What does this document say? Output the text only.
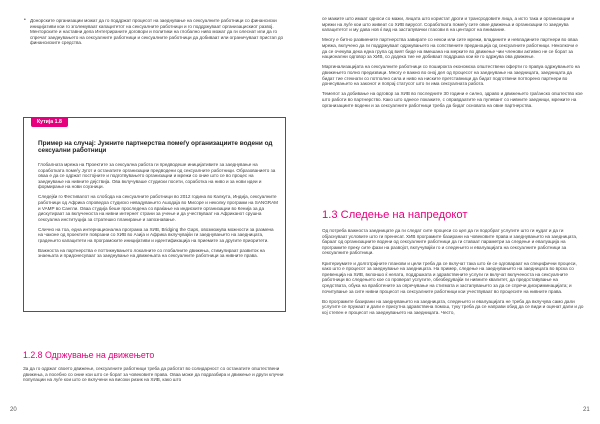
• Донорските организации можат да го поддржат процесот на заеднување на сексуалните работници со финансиски иницијативи кои го зголемуваат капацитетот на сексуалните работници и го поддржуваат организацискиот развој. Менторските и наставни дела Интегрираните договори и политики на глобално ниво можат да ги олеснат или да го спречат заеднувањето на сексуалните работници и сексуалните работници да добиваат или ограничуваат пристап до финансиските средства.
Кутија 1.8
Пример на случај: Јужните партнерства помеѓу организациите водени од сексуални работници

Глобалната мрежа на Проектите за сексуална работа ги предводеше иницијативите за заеднување на соработката помеѓу Југот и останатите организации предводени од сексуалните работници. Образованието за оваа е да се одржат постојните и подготвувањето организации и мрежи со оние што се во процес на заеднување на нивните дејствија. Ова вклучуваше студиски посети, соработка на ниво и за нови идеи и формирање на нови соузници.

Следејќи го Фестивалот на слобода на сексуалните работници во 2012 година во Калкута, Индија, сексуалните работници од Африка спроведоа студиско невадувањето Ашодаја во Мисоре и неколку програми на SANGRAM и VAMP во Сангли. Оваа студија беше проследена со враќање на индиските организации во Кенија за да дискутираат за вклученоста на нивни интернет страни за учење и да учествуваат на Африканот срушна сексуална институција за стратешко планирање и запознавање.

Слично на тоа, една интернационална програма за ХИВ, Bridging the Gaps, овозможува можности за размена на чаконе од проектите поврзани со ХИВ во Азија и Африка вклучувајќи ги заеднувањето на заедницата, градењето капацитети на програмските иницијативи и идентификација на приемите за другите приоритети.

Важноста на партнерства е поттикнувањето локалните со глобалните движења, стимулираат развиток на знаењата и придонесуваат за заеднување на движењата на сексуалните работници за нивните права.

1.2.8 Одржување на движењето

За да го одржат своето движење, сексуалните работници треба да работат во солидарност со останатите општествени движења, а посебно со оние кои што се борат за човековите права. Оваа може да подразбира и движење и други клучни популации на луѓе кои што се вклучени на високи ризик на ХИВ, како што

се мажите што имаат односи со мажи, лицата што користат дроги и трансродовите лица, а исто така и организации и мрежи на луѓе кои што живеат со ХИВ вирусот. Соработката помеѓу сите овие движења и организации го заеднува капацитетот и му дава нов ќ вид на застапувачки гласови в на центарот на внимание.

Многу е битно развиените партнерства завирате со некои или сите мрежи, владините и невладините партнери во оваа мрежа, вклучено да ги поддржуваат одржувањето на сопствените преданоција од сексуалните работници. Неколкочи е да се очекува дека една група од вият биде на вмешана на мерките во движење чии членови активно не се борат за национални одговор за ХИВ, со додека тие не добиваат поддршка кои ќе го одржува ова движење.

Маргинализацијата на сексуалните работници со поширокта економска општествени оферти го правуа одржувањето на движењето полно предизвици. Многу е важно во оној дел од процесот на заеднување на заедницата, заедницата да бидат тие стекнати со потполно сила и ниво на ниските претставници да бидат подготвени потпорено партнери во донесувањето на законот и попрај статусот што ги има сексуалната работа.

Темелот за добивање на одговор за ХИВ во последните 30 години е силно, здраво и движењето граѓанско општество кое што работи во партнерство. Како што однесе покажите, с оправдаатите на пулевант со нивните заедници, мрежите на организациите водени и за сексуалните работници треба да бидат основата на овие партнерства.

1.3 Следење на напредокот

Од потреба важноста заедницате да ги следат сите процеси со цел да ги подобрат услугите што ги нудат и да ги објаснуваат условите што ги пренесат. ХИВ програмите базирани на човековите права и заеднувањето на заедницата, бараат од организациите водени од сексуалните работници да ги ставаат параметри за следење и евалуација на програмите преку сите фази на развојот, вклучувајќи го и следењето и евалуацијата на сексуалните работници за сексуалните работници.

Критериумите и долготрајните планови и цели треба да се вклучат така што ќе се одговараат на специфични процеси, како што е процесот за заеднување на заедницата. На пример, следење на заеднувањето на заедницата во врска со превенција на ХИВ, вклоншо ќ нелата, поддршката и здравствените услуги ги вклучат вклученоста на сексуалните работници во следењето кое со проверат услугите, обезбедувајќи ги нивните квалитет, да предоставување на средствата, обука на вработените за опречување на стигмата и застапувањето за да се спречи дискриминацијата; и почитување за сите нивни процесот на сексуалните работници кои учествуваат во процесите на нивните права.

Во програмите базирани на заеднувањето на заедницата, следењето и евалуацијата не треба да вклучува само дали услугите се пружаат и дали е присутна здравствена помош, туку треба да се направи обид да се види и оценат дали и до кој степен е процесот на заеднувањето на заедницата. Често,

20	21
